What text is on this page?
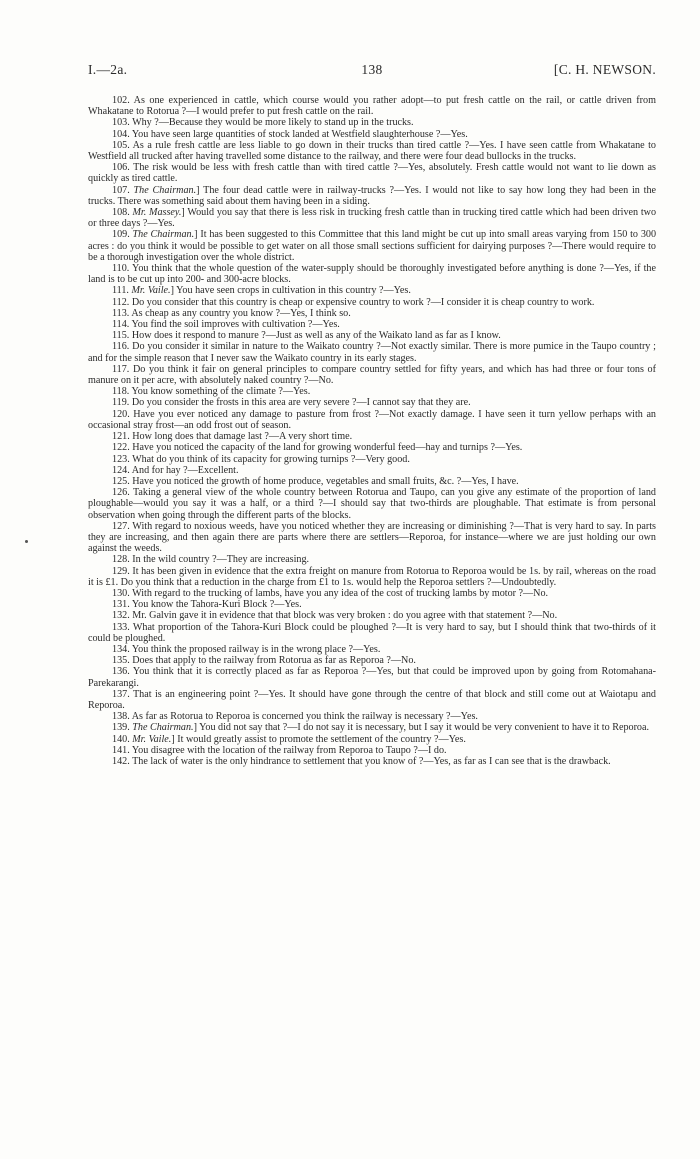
I.—2a.	138	[C. H. NEWSON.

102. As one experienced in cattle, which course would you rather adopt—to put fresh cattle on the rail, or cattle driven from Whakatane to Rotorua ?—I would prefer to put fresh cattle on the rail.

103. Why ?—Because they would be more likely to stand up in the trucks.

104. You have seen large quantities of stock landed at Westfield slaughterhouse ?—Yes.

105. As a rule fresh cattle are less liable to go down in their trucks than tired cattle ?—Yes. I have seen cattle from Whakatane to Westfield all trucked after having travelled some distance to the railway, and there were four dead bullocks in the trucks.

106. The risk would be less with fresh cattle than with tired cattle ?—Yes, absolutely. Fresh cattle would not want to lie down as quickly as tired cattle.

107. The Chairman.] The four dead cattle were in railway-trucks ?—Yes. I would not like to say how long they had been in the trucks. There was something said about them having been in a siding.

108. Mr. Massey.] Would you say that there is less risk in trucking fresh cattle than in trucking tired cattle which had been driven two or three days ?—Yes.

109. The Chairman.] It has been suggested to this Committee that this land might be cut up into small areas varying from 150 to 300 acres : do you think it would be possible to get water on all those small sections sufficient for dairying purposes ?—There would require to be a thorough investigation over the whole district.

110. You think that the whole question of the water-supply should be thoroughly investigated before anything is done ?—Yes, if the land is to be cut up into 200- and 300-acre blocks.

111. Mr. Vaile.] You have seen crops in cultivation in this country ?—Yes.

112. Do you consider that this country is cheap or expensive country to work ?—I consider it is cheap country to work.

113. As cheap as any country you know ?—Yes, I think so.

114. You find the soil improves with cultivation ?—Yes.

115. How does it respond to manure ?—Just as well as any of the Waikato land as far as I know.

116. Do you consider it similar in nature to the Waikato country ?—Not exactly similar. There is more pumice in the Taupo country ; and for the simple reason that I never saw the Waikato country in its early stages.

117. Do you think it fair on general principles to compare country settled for fifty years, and which has had three or four tons of manure on it per acre, with absolutely naked country ?—No.

118. You know something of the climate ?—Yes.

119. Do you consider the frosts in this area are very severe ?—I cannot say that they are.

120. Have you ever noticed any damage to pasture from frost ?—Not exactly damage. I have seen it turn yellow perhaps with an occasional stray frost—an odd frost out of season.

121. How long does that damage last ?—A very short time.

122. Have you noticed the capacity of the land for growing wonderful feed—hay and turnips ?—Yes.

123. What do you think of its capacity for growing turnips ?—Very good.

124. And for hay ?—Excellent.

125. Have you noticed the growth of home produce, vegetables and small fruits, &c. ?—Yes, I have.

126. Taking a general view of the whole country between Rotorua and Taupo, can you give any estimate of the proportion of land ploughable—would you say it was a half, or a third ?—I should say that two-thirds are ploughable. That estimate is from personal observation when going through the different parts of the blocks.

127. With regard to noxious weeds, have you noticed whether they are increasing or diminishing ?—That is very hard to say. In parts they are increasing, and then again there are parts where there are settlers—Reporoa, for instance—where we are just holding our own against the weeds.

128. In the wild country ?—They are increasing.

129. It has been given in evidence that the extra freight on manure from Rotorua to Reporoa would be 1s. by rail, whereas on the road it is £1. Do you think that a reduction in the charge from £1 to 1s. would help the Reporoa settlers ?—Undoubtedly.

130. With regard to the trucking of lambs, have you any idea of the cost of trucking lambs by motor ?—No.

131. You know the Tahora-Kuri Block ?—Yes.

132. Mr. Galvin gave it in evidence that that block was very broken : do you agree with that statement ?—No.

133. What proportion of the Tahora-Kuri Block could be ploughed ?—It is very hard to say, but I should think that two-thirds of it could be ploughed.

134. You think the proposed railway is in the wrong place ?—Yes.

135. Does that apply to the railway from Rotorua as far as Reporoa ?—No.

136. You think that it is correctly placed as far as Reporoa ?—Yes, but that could be improved upon by going from Rotomahana-Parekarangi.

137. That is an engineering point ?—Yes. It should have gone through the centre of that block and still come out at Waiotapu and Reporoa.

138. As far as Rotorua to Reporoa is concerned you think the railway is necessary ?—Yes.

139. The Chairman.] You did not say that ?—I do not say it is necessary, but I say it would be very convenient to have it to Reporoa.

140. Mr. Vaile.] It would greatly assist to promote the settlement of the country ?—Yes.

141. You disagree with the location of the railway from Reporoa to Taupo ?—I do.

142. The lack of water is the only hindrance to settlement that you know of ?—Yes, as far as I can see that is the drawback.
